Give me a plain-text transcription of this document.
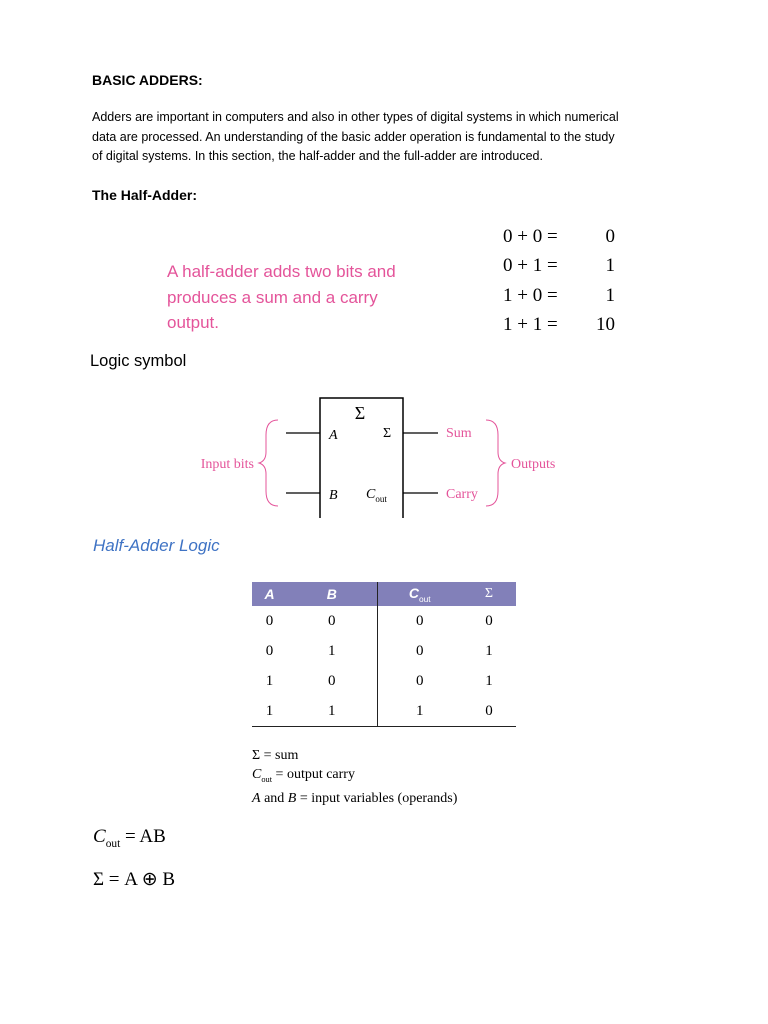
BASIC ADDERS:
Adders are important in computers and also in other types of digital systems in which numerical
data are processed. An understanding of the basic adder operation is fundamental to the study
of digital systems. In this section, the half-adder and the full-adder are introduced.
The Half-Adder:
A half-adder adds two bits and
produces a sum and a carry
output.
0 + 0 =	0
0 + 1 =	1
1 + 0 =	1
1 + 1 =	10
Logic symbol
Σ
A
B
Σ
$C_{out}$
Sum
Carry
Input bits	Outputs
Half-Adder Logic
A	B	$C_{out}$	Σ
0	0	0	0
0	1	0	1
1	0	0	1
1	1	1	0
Σ = sum
$C_{out}$ = output carry
A and B = input variables (operands)
$C_{out}$ = AB
Σ = A ⊕ B
